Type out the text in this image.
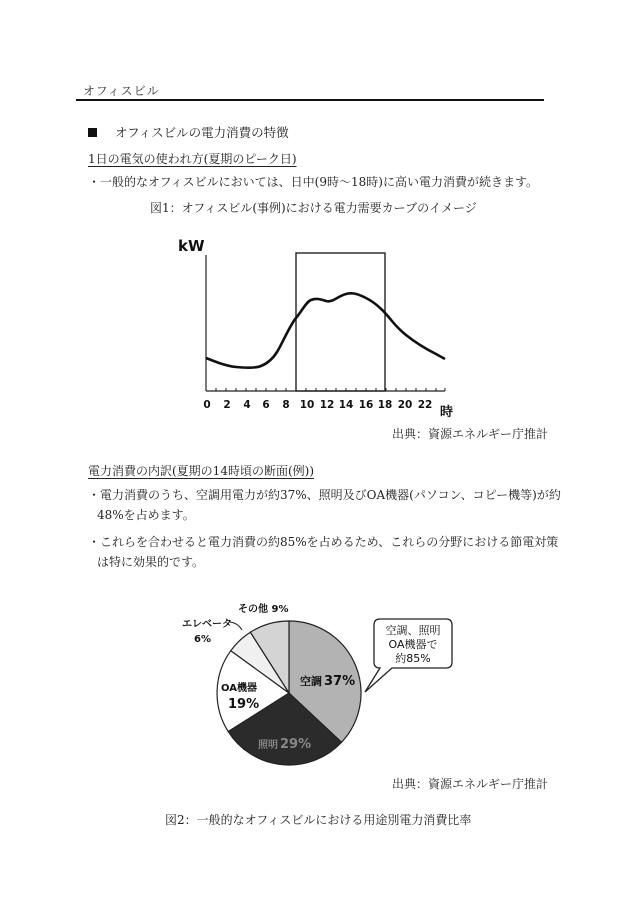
オフィスビル
オフィスビルの電力消費の特徴
1日の電気の使われ方(夏期のピーク日)
・一般的なオフィスビルにおいては、日中(9時〜18時)に高い電力消費が続きます。
図1：オフィスビル(事例)における電力需要カーブのイメージ
kW
0 2 4 6 8 10 12 14 16 18 20 22 時
出典：資源エネルギー庁推計
電力消費の内訳(夏期の14時頃の断面(例))
・電力消費のうち、空調用電力が約37%、照明及びOA機器(パソコン、コピー機等)が約
48%を占めます。
・これらを合わせると電力消費の約85%を占めるため、これらの分野における節電対策
は特に効果的です。
空調 37%
照明 29%
OA機器
19%
エレベータ
6%
その他 9%
空調、照明
OA機器で
約85%
出典：資源エネルギー庁推計
図2：一般的なオフィスビルにおける用途別電力消費比率
